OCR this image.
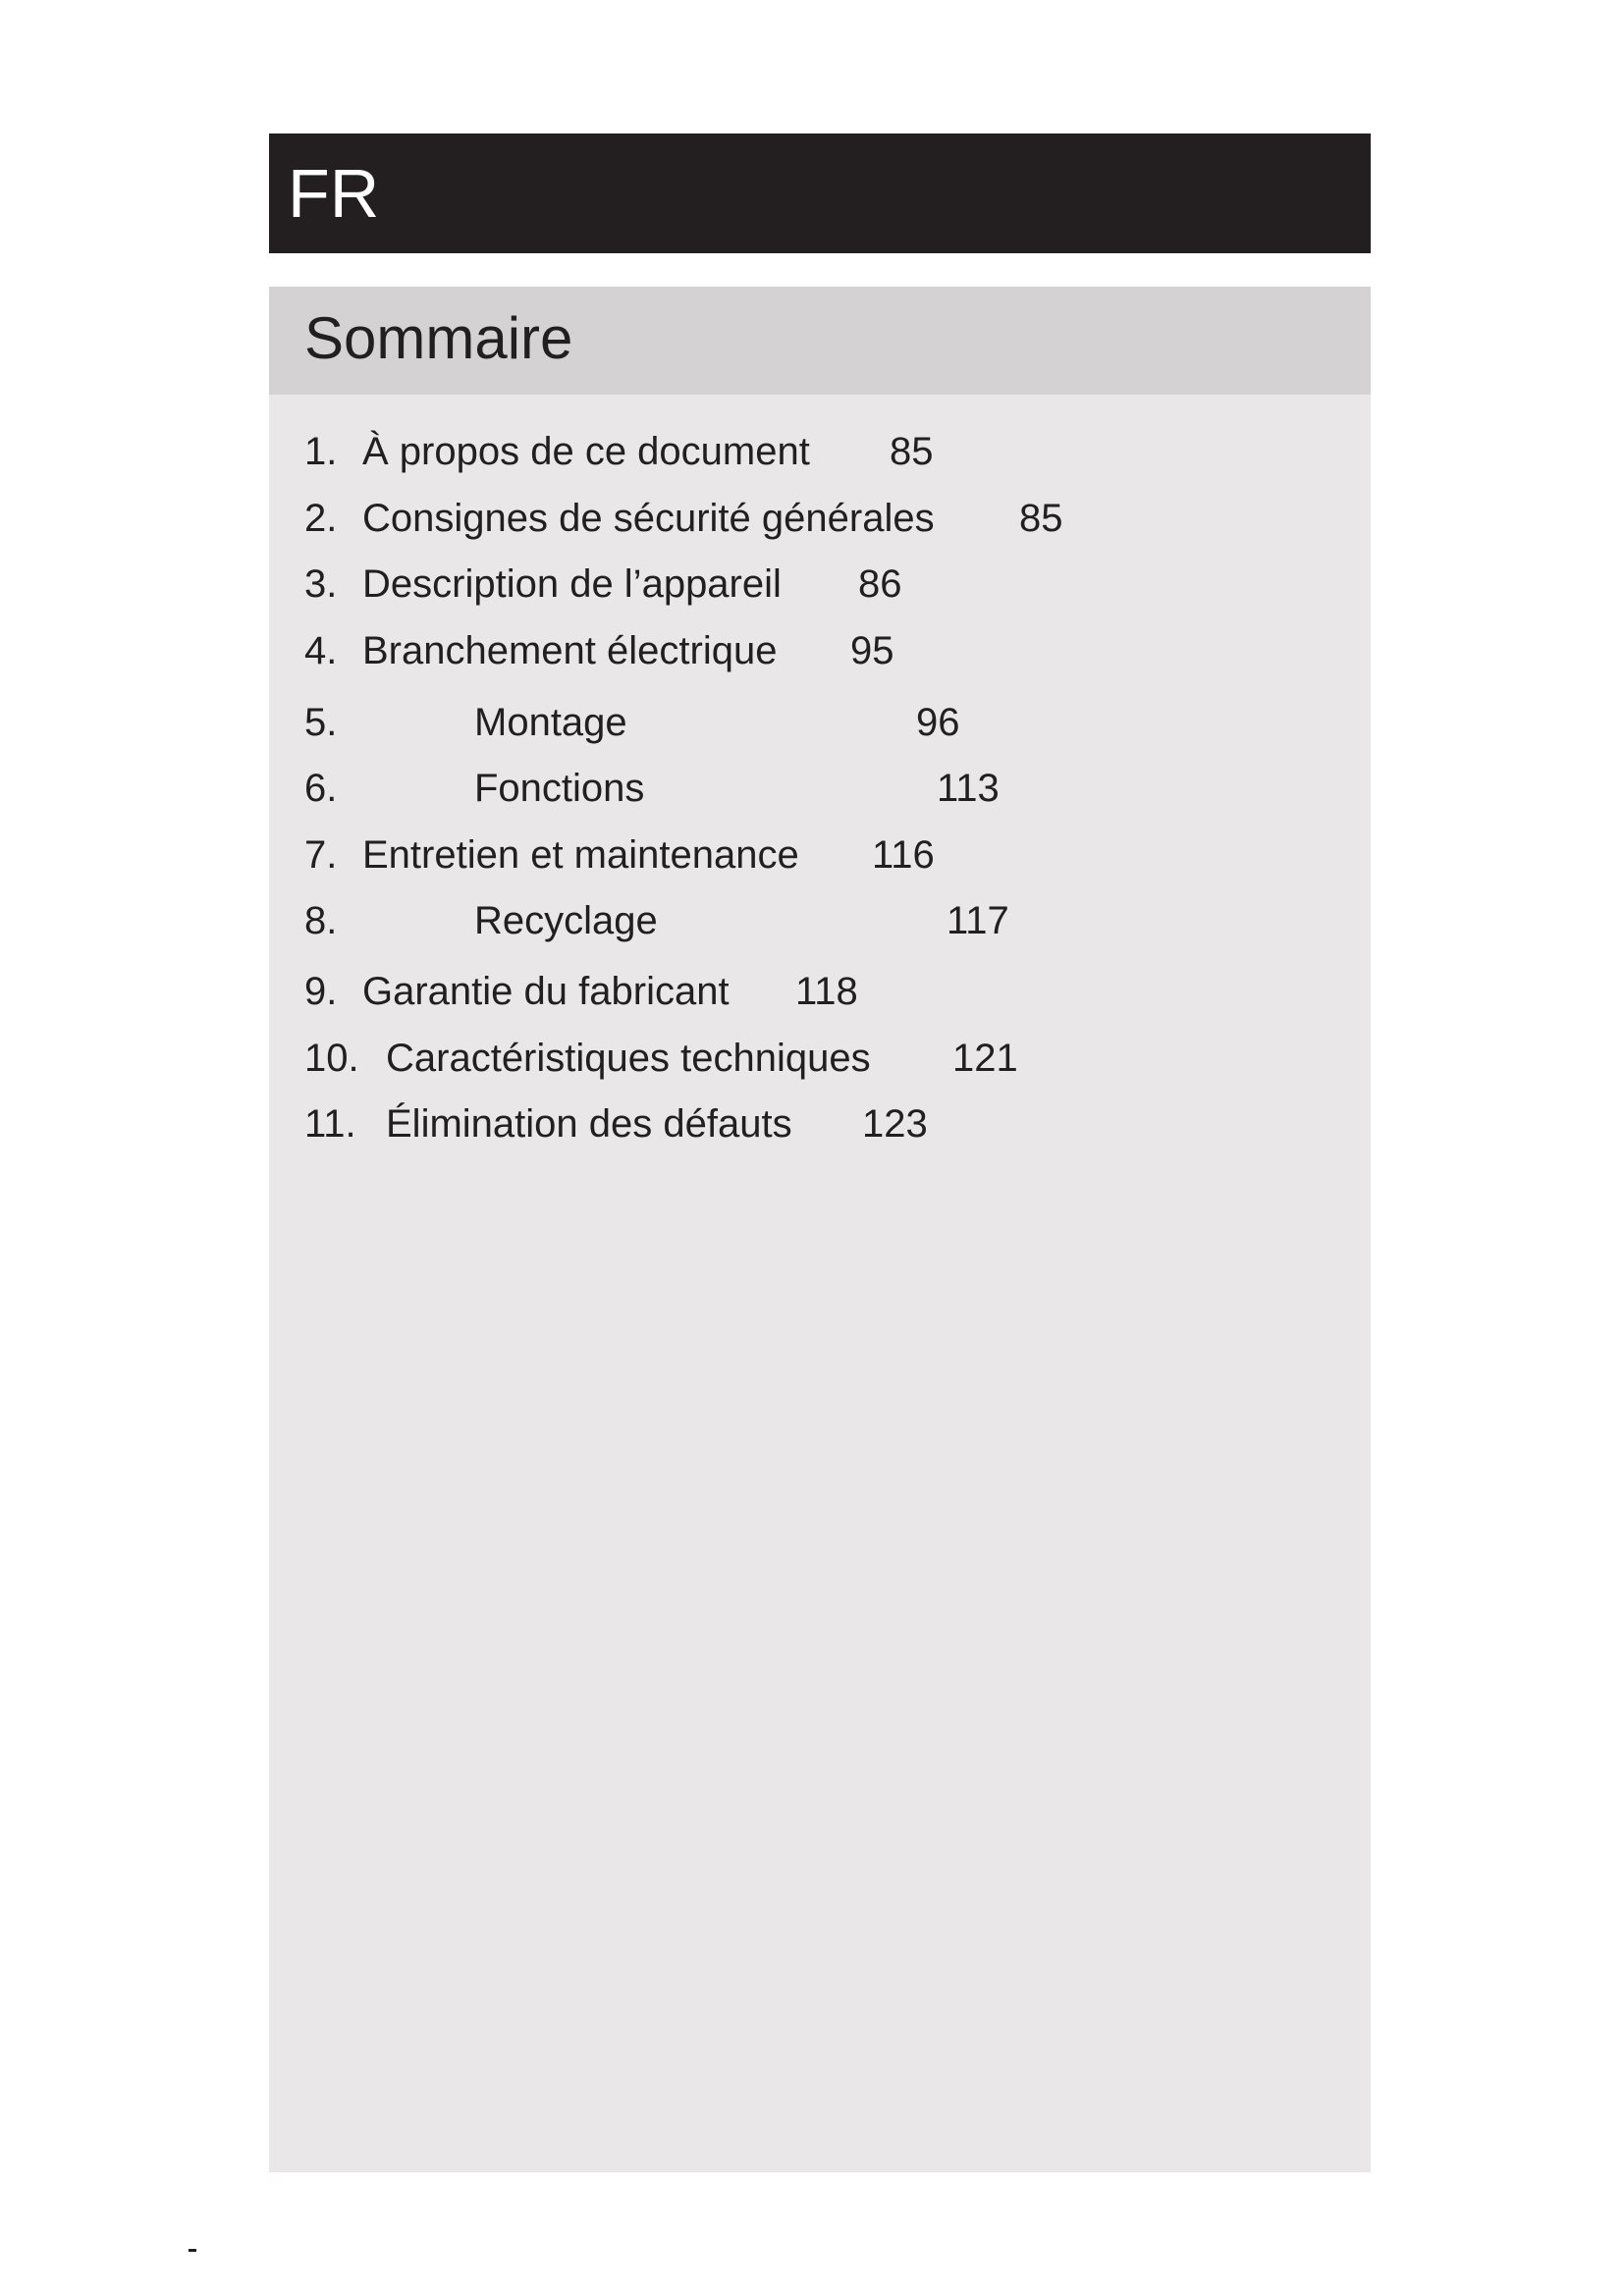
FR
Sommaire
1. À propos de ce document 85
2. Consignes de sécurité générales 85
3. Description de l’appareil 86
4. Branchement électrique 95
5.	Montage	96
6.	Fonctions	113
7. Entretien et maintenance 116
8.	Recyclage	117
9. Garantie du fabricant 118
10. Caractéristiques techniques 121
11. Élimination des défauts 123
